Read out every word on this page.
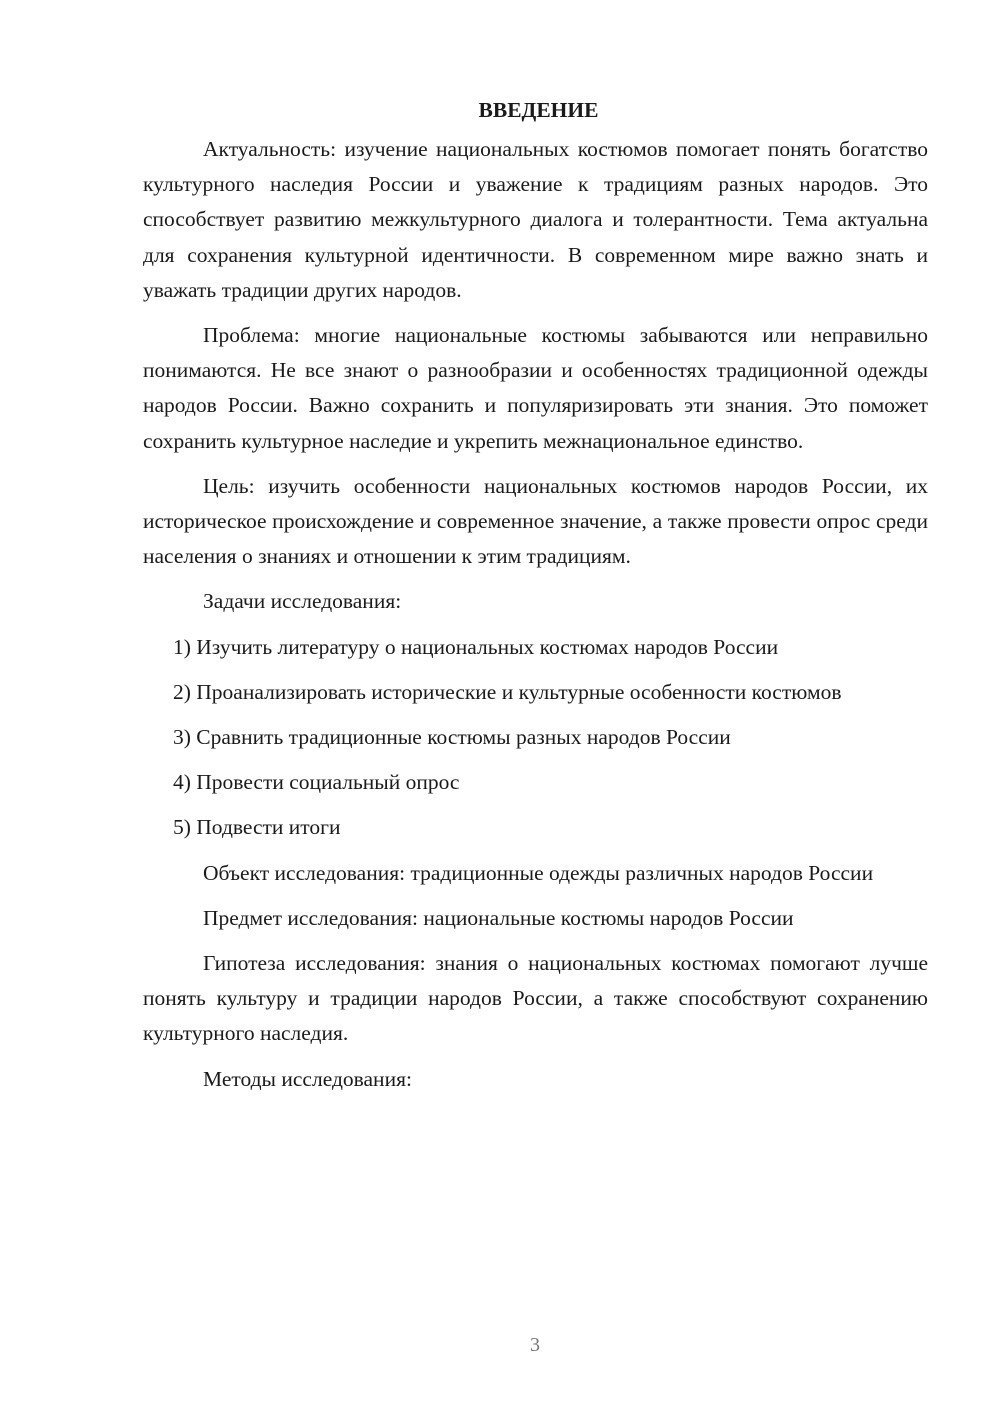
ВВЕДЕНИЕ

Актуальность: изучение национальных костюмов помогает понять богатство культурного наследия России и уважение к традициям разных народов. Это способствует развитию межкультурного диалога и толерантности. Тема актуальна для сохранения культурной идентичности. В современном мире важно знать и уважать традиции других народов.

Проблема: многие национальные костюмы забываются или неправильно понимаются. Не все знают о разнообразии и особенностях традиционной одежды народов России. Важно сохранить и популяризировать эти знания. Это поможет сохранить культурное наследие и укрепить межнациональное единство.

Цель: изучить особенности национальных костюмов народов России, их историческое происхождение и современное значение, а также провести опрос среди населения о знаниях и отношении к этим традициям.

Задачи исследования:

1) Изучить литературу о национальных костюмах народов России

2) Проанализировать исторические и культурные особенности костюмов

3) Сравнить традиционные костюмы разных народов России

4) Провести социальный опрос

5) Подвести итоги

Объект исследования: традиционные одежды различных народов России

Предмет исследования: национальные костюмы народов России

Гипотеза исследования: знания о национальных костюмах помогают лучше понять культуру и традиции народов России, а также способствуют сохранению культурного наследия.

Методы исследования:

3
